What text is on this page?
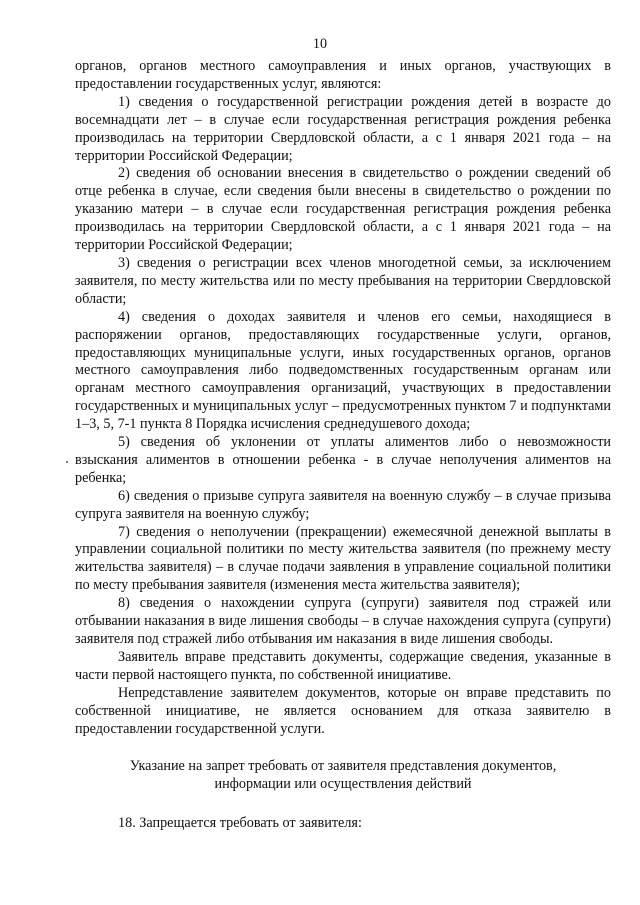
10

органов, органов местного самоуправления и иных органов, участвующих в предоставлении государственных услуг, являются:

1) сведения о государственной регистрации рождения детей в возрасте до восемнадцати лет – в случае если государственная регистрация рождения ребенка производилась на территории Свердловской области, а с 1 января 2021 года – на территории Российской Федерации;

2) сведения об основании внесения в свидетельство о рождении сведений об отце ребенка в случае, если сведения были внесены в свидетельство о рождении по указанию матери – в случае если государственная регистрация рождения ребенка производилась на территории Свердловской области, а с 1 января 2021 года – на территории Российской Федерации;

3) сведения о регистрации всех членов многодетной семьи, за исключением заявителя, по месту жительства или по месту пребывания на территории Свердловской области;

4) сведения о доходах заявителя и членов его семьи, находящиеся в распоряжении органов, предоставляющих государственные услуги, органов, предоставляющих муниципальные услуги, иных государственных органов, органов местного самоуправления либо подведомственных государственным органам или органам местного самоуправления организаций, участвующих в предоставлении государственных и муниципальных услуг – предусмотренных пунктом 7 и подпунктами 1–3, 5, 7-1 пункта 8 Порядка исчисления среднедушевого дохода;

5) сведения об уклонении от уплаты алиментов либо о невозможности взыскания алиментов в отношении ребенка - в случае неполучения алиментов на ребенка;

6) сведения о призыве супруга заявителя на военную службу – в случае призыва супруга заявителя на военную службу;

7) сведения о неполучении (прекращении) ежемесячной денежной выплаты в управлении социальной политики по месту жительства заявителя (по прежнему месту жительства заявителя) – в случае подачи заявления в управление социальной политики по месту пребывания заявителя (изменения места жительства заявителя);

8) сведения о нахождении супруга (супруги) заявителя под стражей или отбывании наказания в виде лишения свободы – в случае нахождения супруга (супруги) заявителя под стражей либо отбывания им наказания в виде лишения свободы.

Заявитель вправе представить документы, содержащие сведения, указанные в части первой настоящего пункта, по собственной инициативе.

Непредставление заявителем документов, которые он вправе представить по собственной инициативе, не является основанием для отказа заявителю в предоставлении государственной услуги.

Указание на запрет требовать от заявителя представления документов,

информации или осуществления действий

18. Запрещается требовать от заявителя:
